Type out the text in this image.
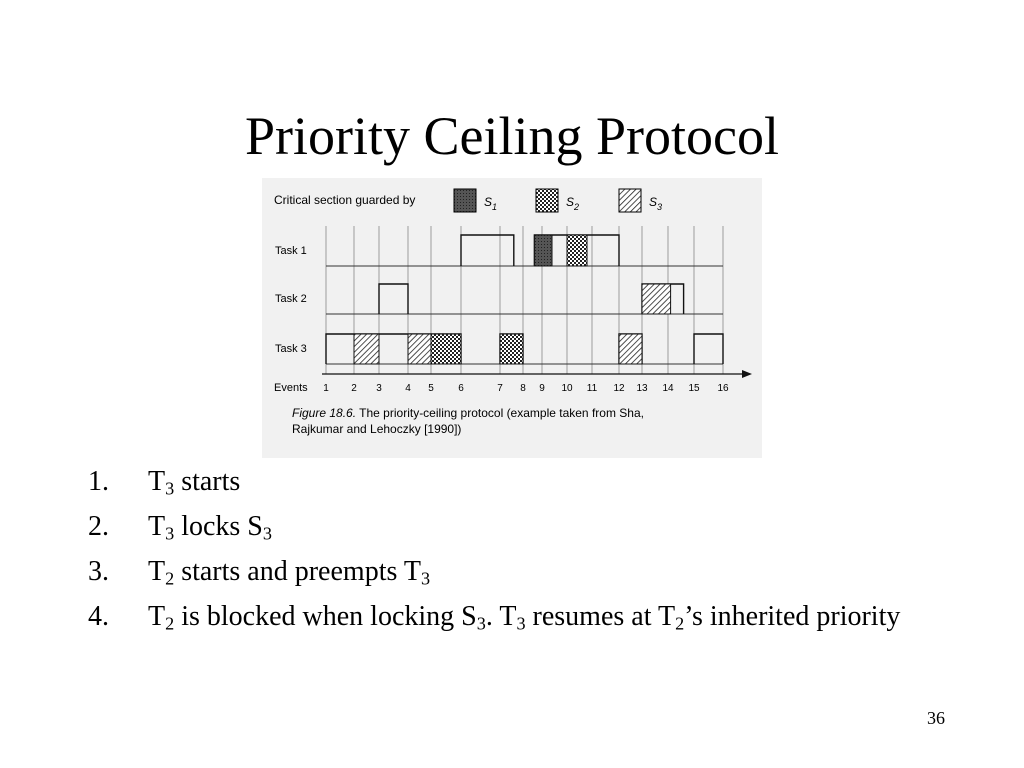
Priority Ceiling Protocol
Critical section guarded by	$S_1$	$S_2$	$S_3$
Task 1
Task 2
Task 3
Events 1 2 3 4 5 6	7 8 9 10 11 12 13 14 15 16
Figure 18.6. The priority-ceiling protocol (example taken from Sha,
Rajkumar and Lehoczky [1990])
1. $T_3$ starts
2. $T_3$ locks $S_3$
3. $T_2$ starts and preempts $T_3$
4. $T_2$ is blocked when locking $S_3$. $T_3$ resumes at $T_2’s$ inherited priority
36
